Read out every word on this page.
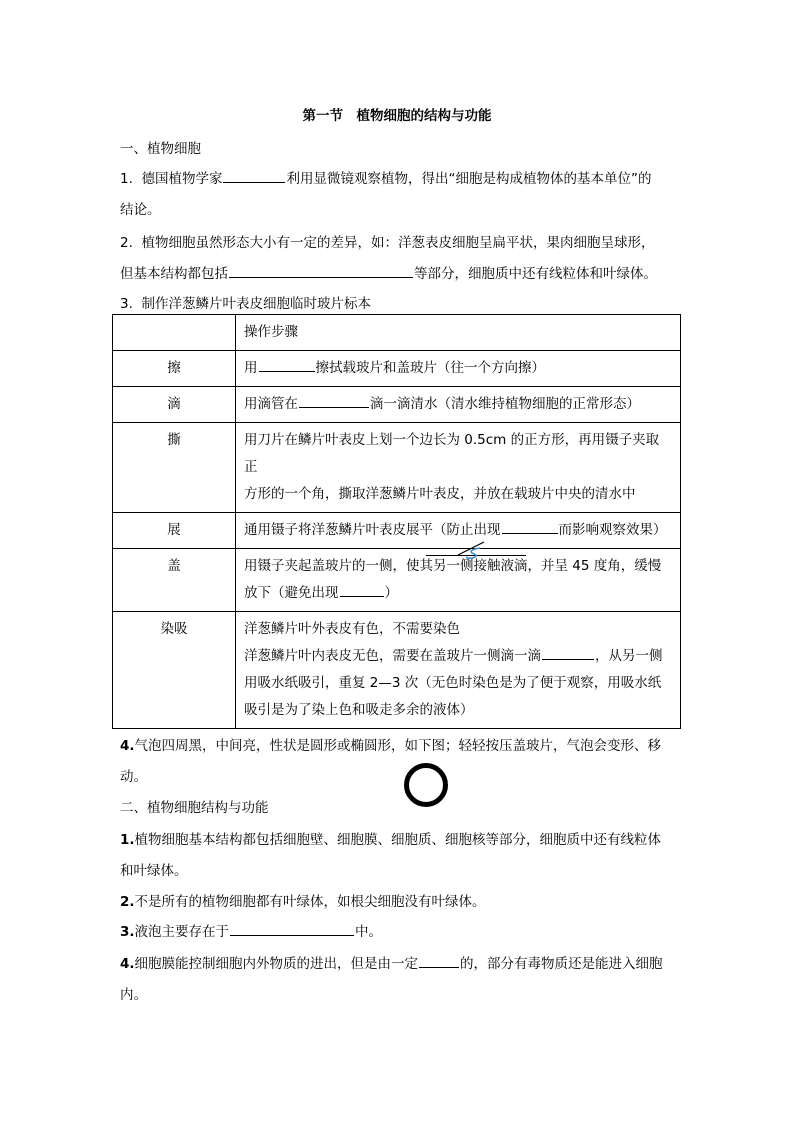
第一节　植物细胞的结构与功能
一、植物细胞
1. 德国植物学家	利用显微镜观察植物，得出“细胞是构成植物体的基本单位”的
结论。
2. 植物细胞虽然形态大小有一定的差异，如：洋葱表皮细胞呈扁平状，果肉细胞呈球形，
但基本结构都包括	等部分，细胞质中还有线粒体和叶绿体。
3. 制作洋葱鳞片叶表皮细胞临时玻片标本
	操作步骤
擦	用 擦拭载玻片和盖玻片（往一个方向擦）
滴	用滴管在 滴一滴清水（清水维持植物细胞的正常形态）
撕	用刀片在鳞片叶表皮上划一个边长为 0.5cm 的正方形，再用镊子夹取正
方形的一个角，撕取洋葱鳞片叶表皮，并放在载玻片中央的清水中

展	通用镊子将洋葱鳞片叶表皮展平（防止出现 而影响观察效果）
盖	用镊子夹起盖玻片的一侧，使其另一侧接触液滴，并呈 45 度角，缓慢
放下（避免出现 ）

染吸	洋葱鳞片叶外表皮有色，不需要染色
洋葱鳞片叶内表皮无色，需要在盖玻片一侧滴一滴 ，从另一侧
用吸水纸吸引，重复 2—3 次（无色时染色是为了便于观察，用吸水纸
吸引是为了染上色和吸走多余的液体）
4.气泡四周黑，中间亮，性状是圆形或椭圆形，如下图；轻轻按压盖玻片，气泡会变形、移
动。
二、植物细胞结构与功能
1.植物细胞基本结构都包括细胞壁、细胞膜、细胞质、细胞核等部分，细胞质中还有线粒体
和叶绿体。
2.不是所有的植物细胞都有叶绿体，如根尖细胞没有叶绿体。
3.液泡主要存在于	中。
4.细胞膜能控制细胞内外物质的进出，但是由一定	的，部分有毒物质还是能进入细胞
内。
